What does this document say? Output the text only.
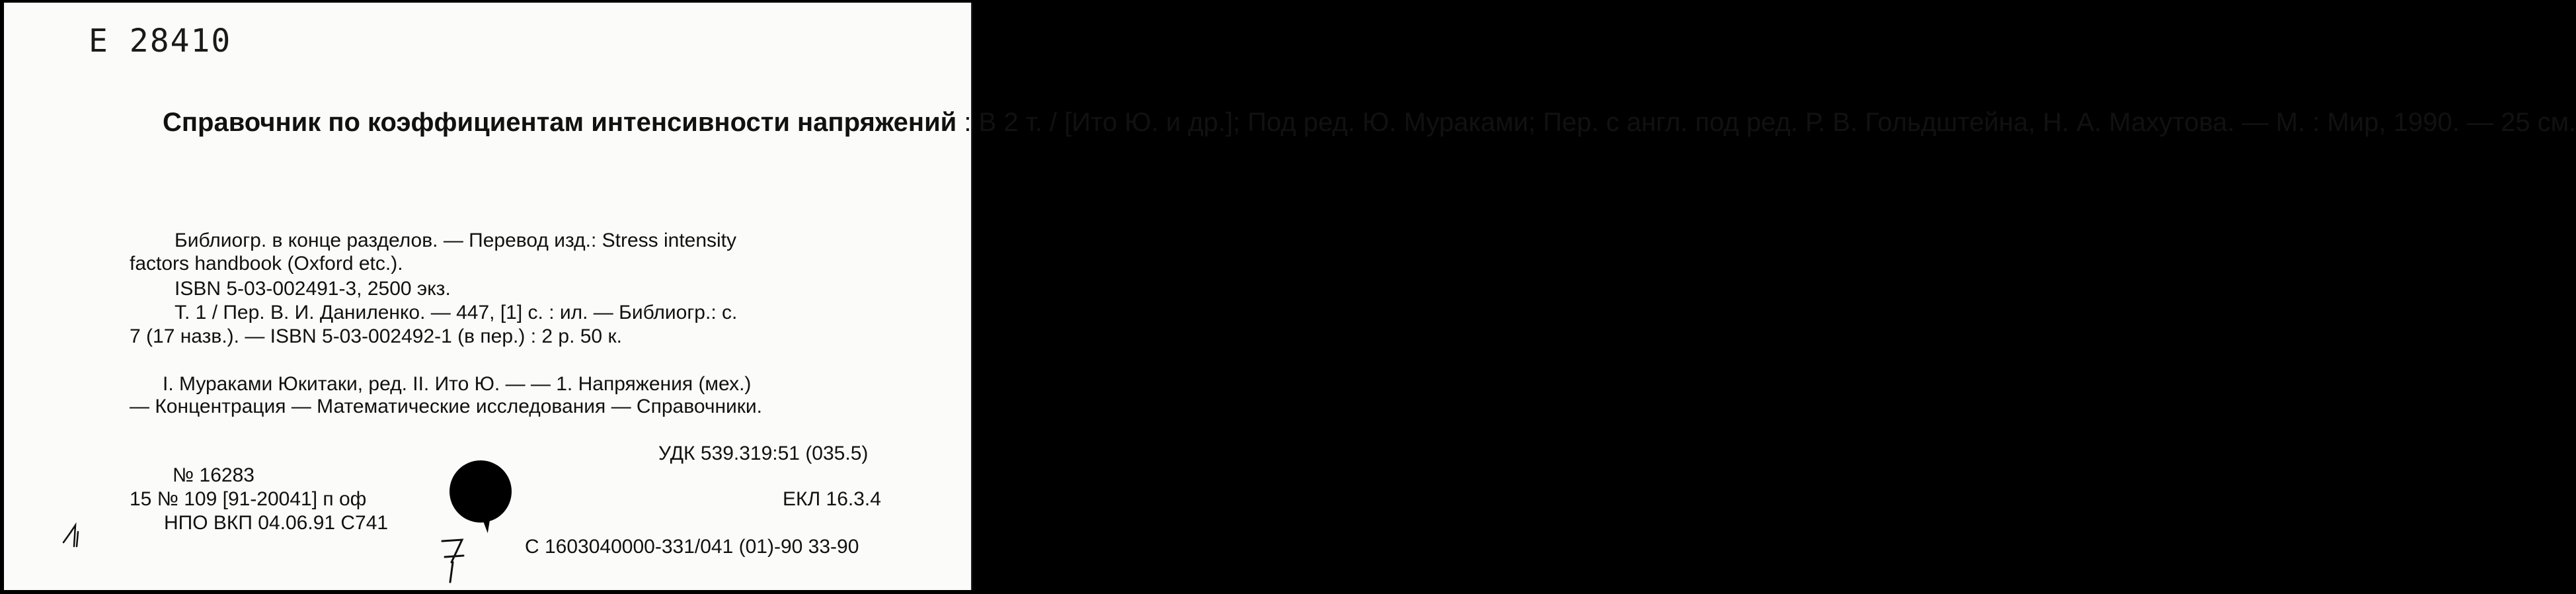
Е 28410
Справочник по коэффициентам интенсивности напряжений : В 2 т. / [Ито Ю. и др.]; Под ред. Ю. Мураками; Пер. с англ. под ред. Р. В. Гольдштейна, Н. А. Махутова. — М. : Мир, 1990. — 25 см.
Библиогр. в конце разделов. — Перевод изд.: Stress intensity
factors handbook (Oxford etc.).
ISBN 5-03-002491-3, 2500 экз.
Т. 1 / Пер. В. И. Даниленко. — 447, [1] с. : ил. — Библиогр.: с.
7 (17 назв.). — ISBN 5-03-002492-1 (в пер.) : 2 р. 50 к.
I. Мураками Юкитаки, ред. II. Ито Ю. — — 1. Напряжения (мех.)
— Концентрация — Математические исследования — Справочники.
УДК 539.319:51 (035.5)
№ 16283
15 № 109 [91-20041] п оф	ЕКЛ 16.3.4
НПО ВКП 04.06.91 С741
С 1603040000-331/041 (01)-90 33-90
